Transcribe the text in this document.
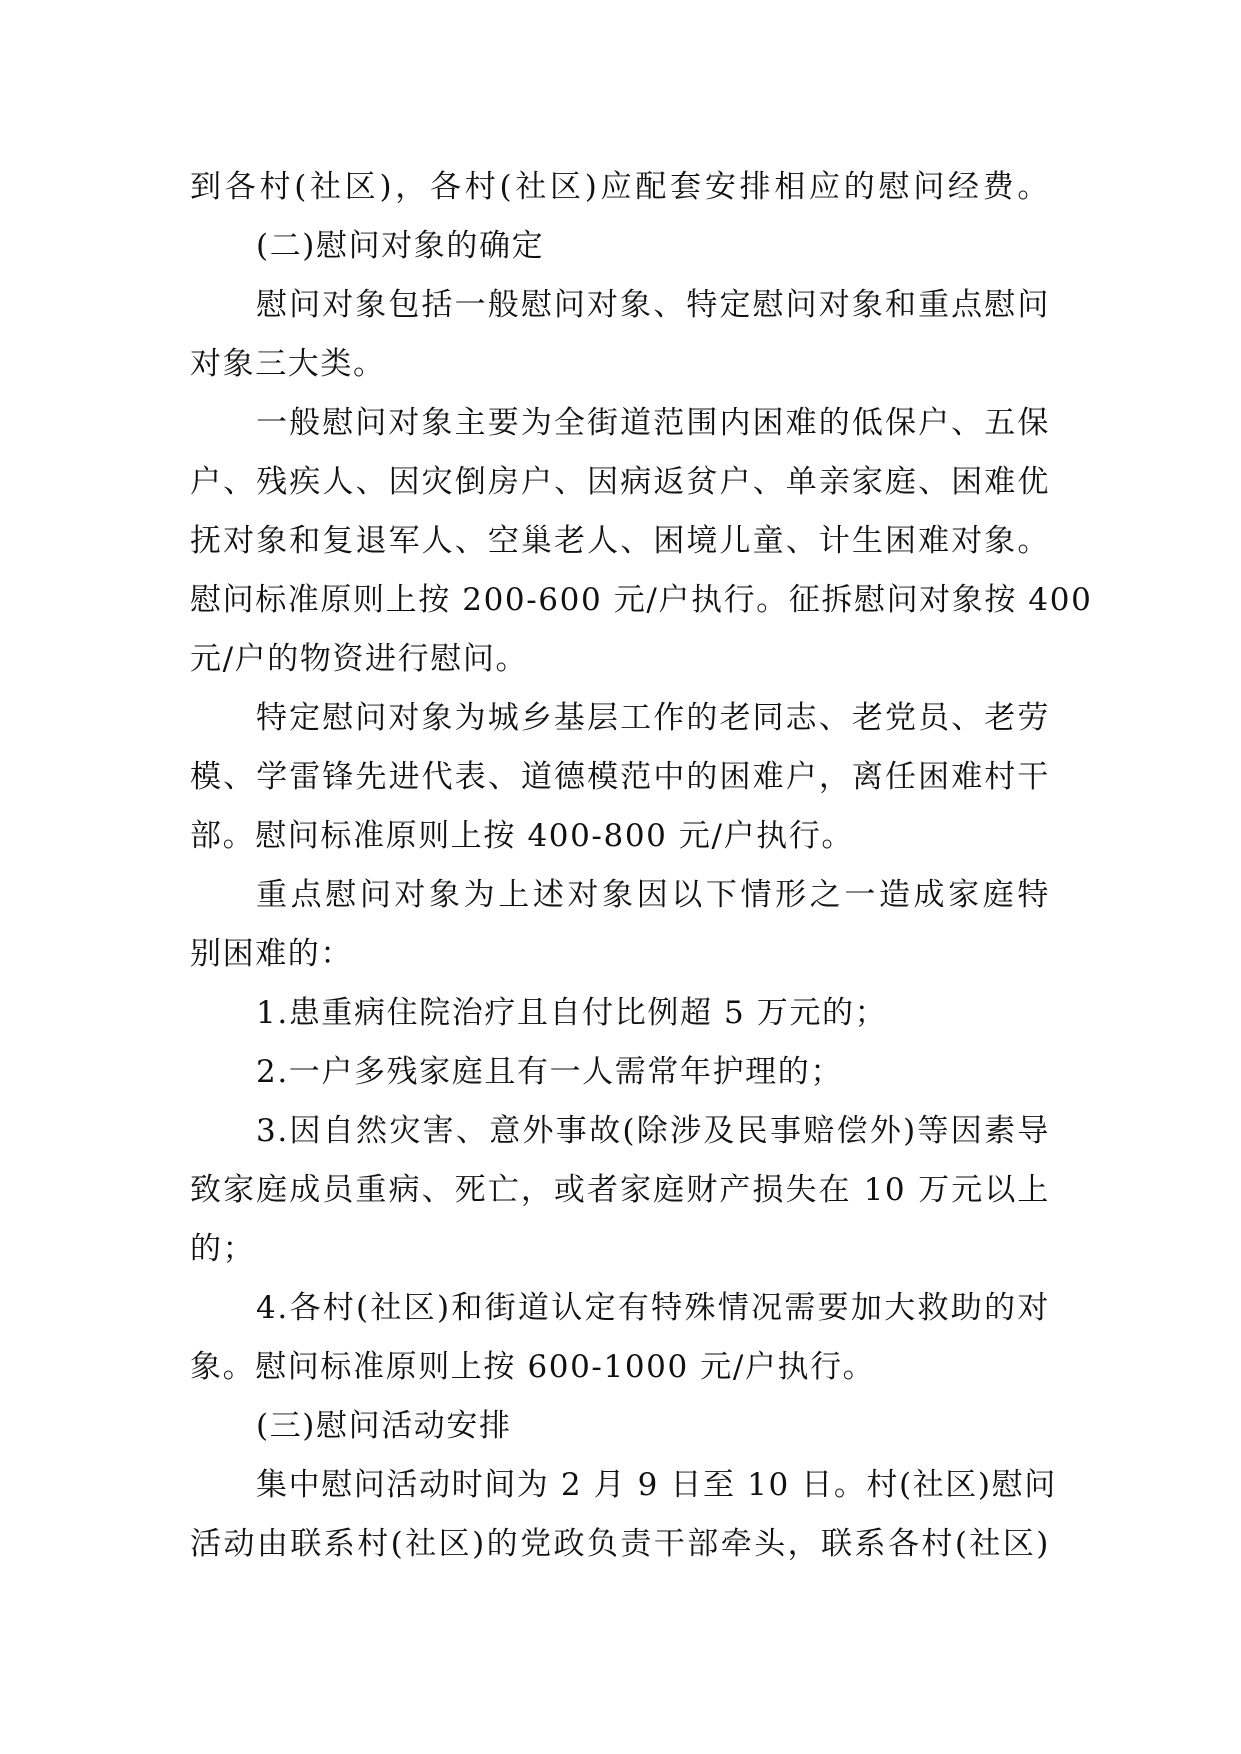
到各村(社区)，各村(社区)应配套安排相应的慰问经费。
(二)慰问对象的确定
慰问对象包括一般慰问对象、特定慰问对象和重点慰问
对象三大类。
一般慰问对象主要为全街道范围内困难的低保户、五保
户、残疾人、因灾倒房户、因病返贫户、单亲家庭、困难优
抚对象和复退军人、空巢老人、困境儿童、计生困难对象。
慰问标准原则上按 200-600 元/户执行。征拆慰问对象按 400
元/户的物资进行慰问。
特定慰问对象为城乡基层工作的老同志、老党员、老劳
模、学雷锋先进代表、道德模范中的困难户，离任困难村干
部。慰问标准原则上按 400-800 元/户执行。
重点慰问对象为上述对象因以下情形之一造成家庭特
别困难的：
1.患重病住院治疗且自付比例超 5 万元的；
2.一户多残家庭且有一人需常年护理的；
3.因自然灾害、意外事故(除涉及民事赔偿外)等因素导
致家庭成员重病、死亡，或者家庭财产损失在 10 万元以上
的；
4.各村(社区)和街道认定有特殊情况需要加大救助的对
象。慰问标准原则上按 600-1000 元/户执行。
(三)慰问活动安排
集中慰问活动时间为 2 月 9 日至 10 日。村(社区)慰问
活动由联系村(社区)的党政负责干部牵头，联系各村(社区)
